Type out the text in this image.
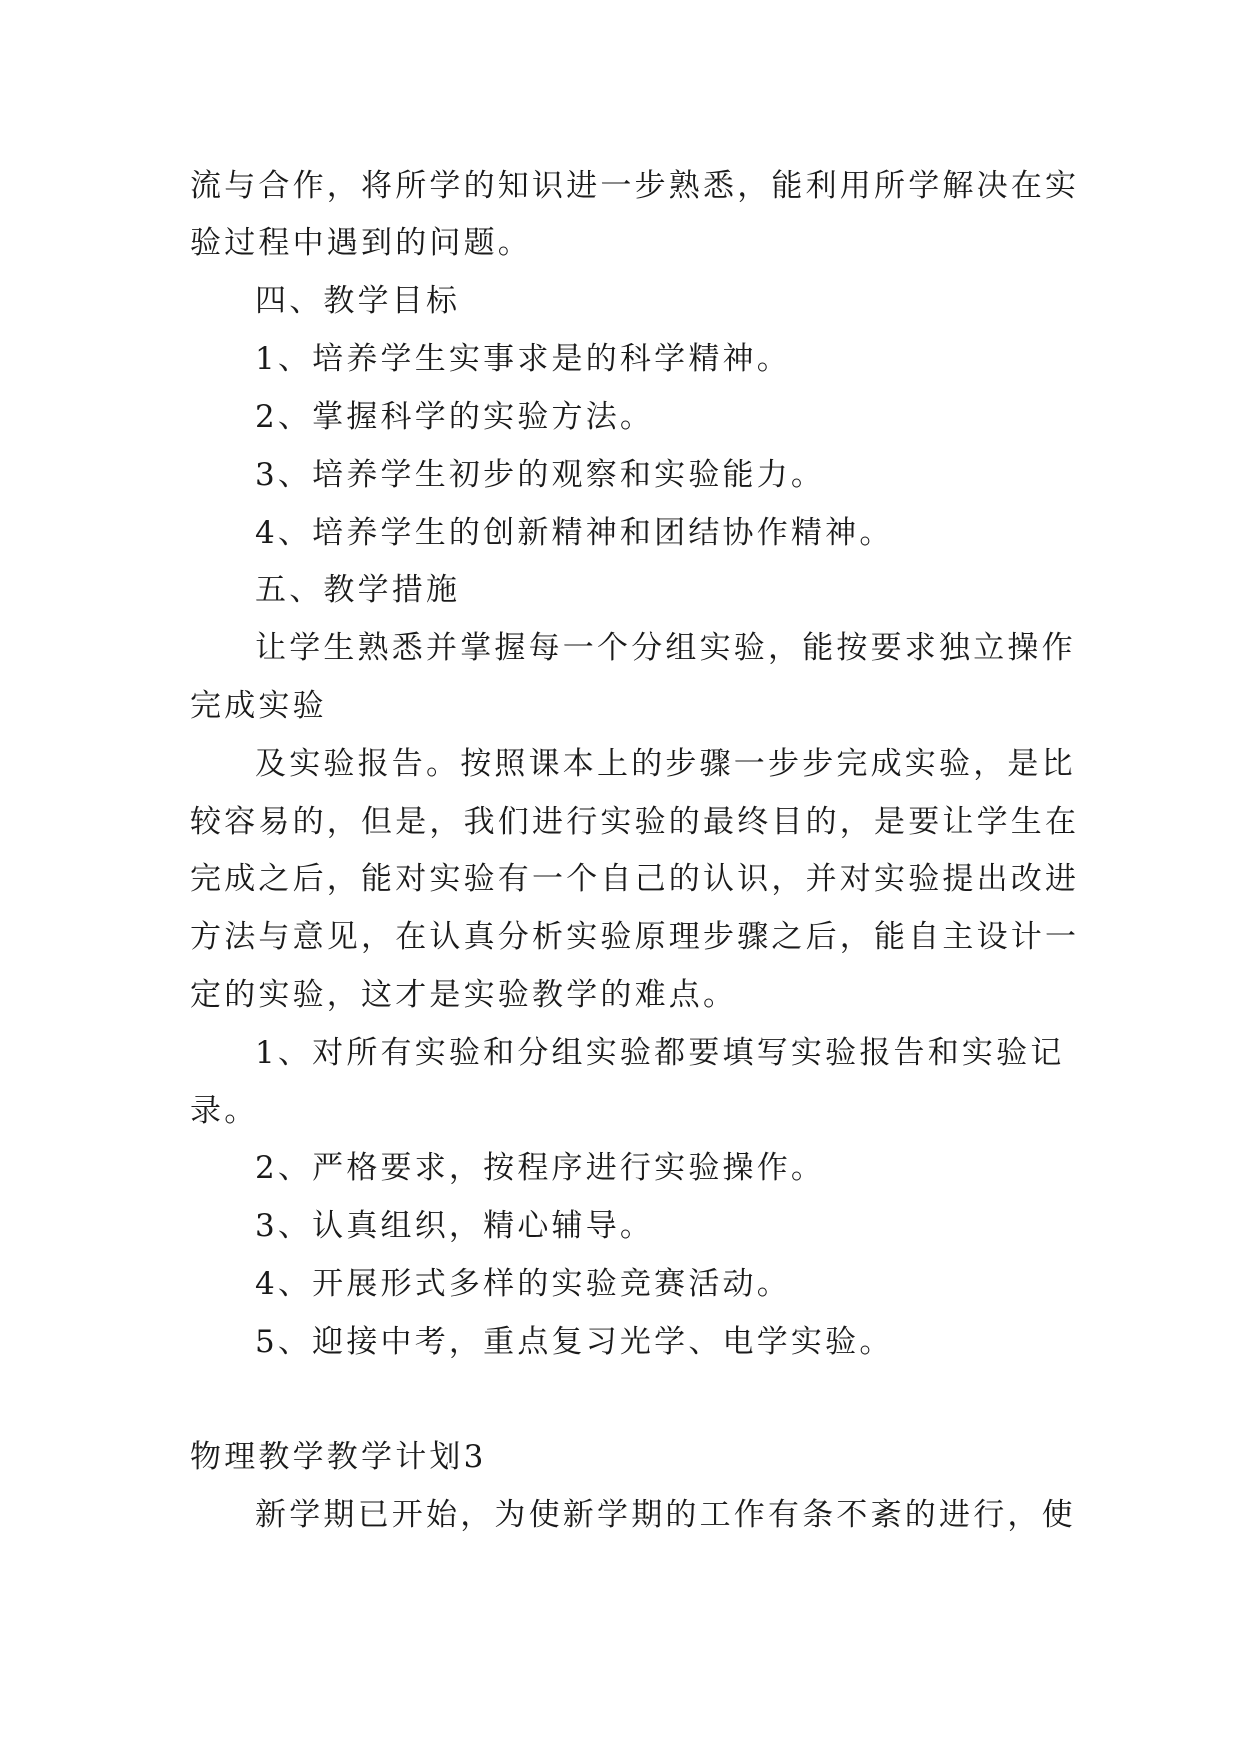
流与合作，将所学的知识进一步熟悉，能利用所学解决在实
验过程中遇到的问题。
四、教学目标
1、培养学生实事求是的科学精神。
2、掌握科学的实验方法。
3、培养学生初步的观察和实验能力。
4、培养学生的创新精神和团结协作精神。
五、教学措施
让学生熟悉并掌握每一个分组实验，能按要求独立操作
完成实验
及实验报告。按照课本上的步骤一步步完成实验，是比
较容易的，但是，我们进行实验的最终目的，是要让学生在
完成之后，能对实验有一个自己的认识，并对实验提出改进
方法与意见，在认真分析实验原理步骤之后，能自主设计一
定的实验，这才是实验教学的难点。
1、对所有实验和分组实验都要填写实验报告和实验记
录。
2、严格要求，按程序进行实验操作。
3、认真组织，精心辅导。
4、开展形式多样的实验竞赛活动。
5、迎接中考，重点复习光学、电学实验。
物理教学教学计划3
新学期已开始，为使新学期的工作有条不紊的进行，使
